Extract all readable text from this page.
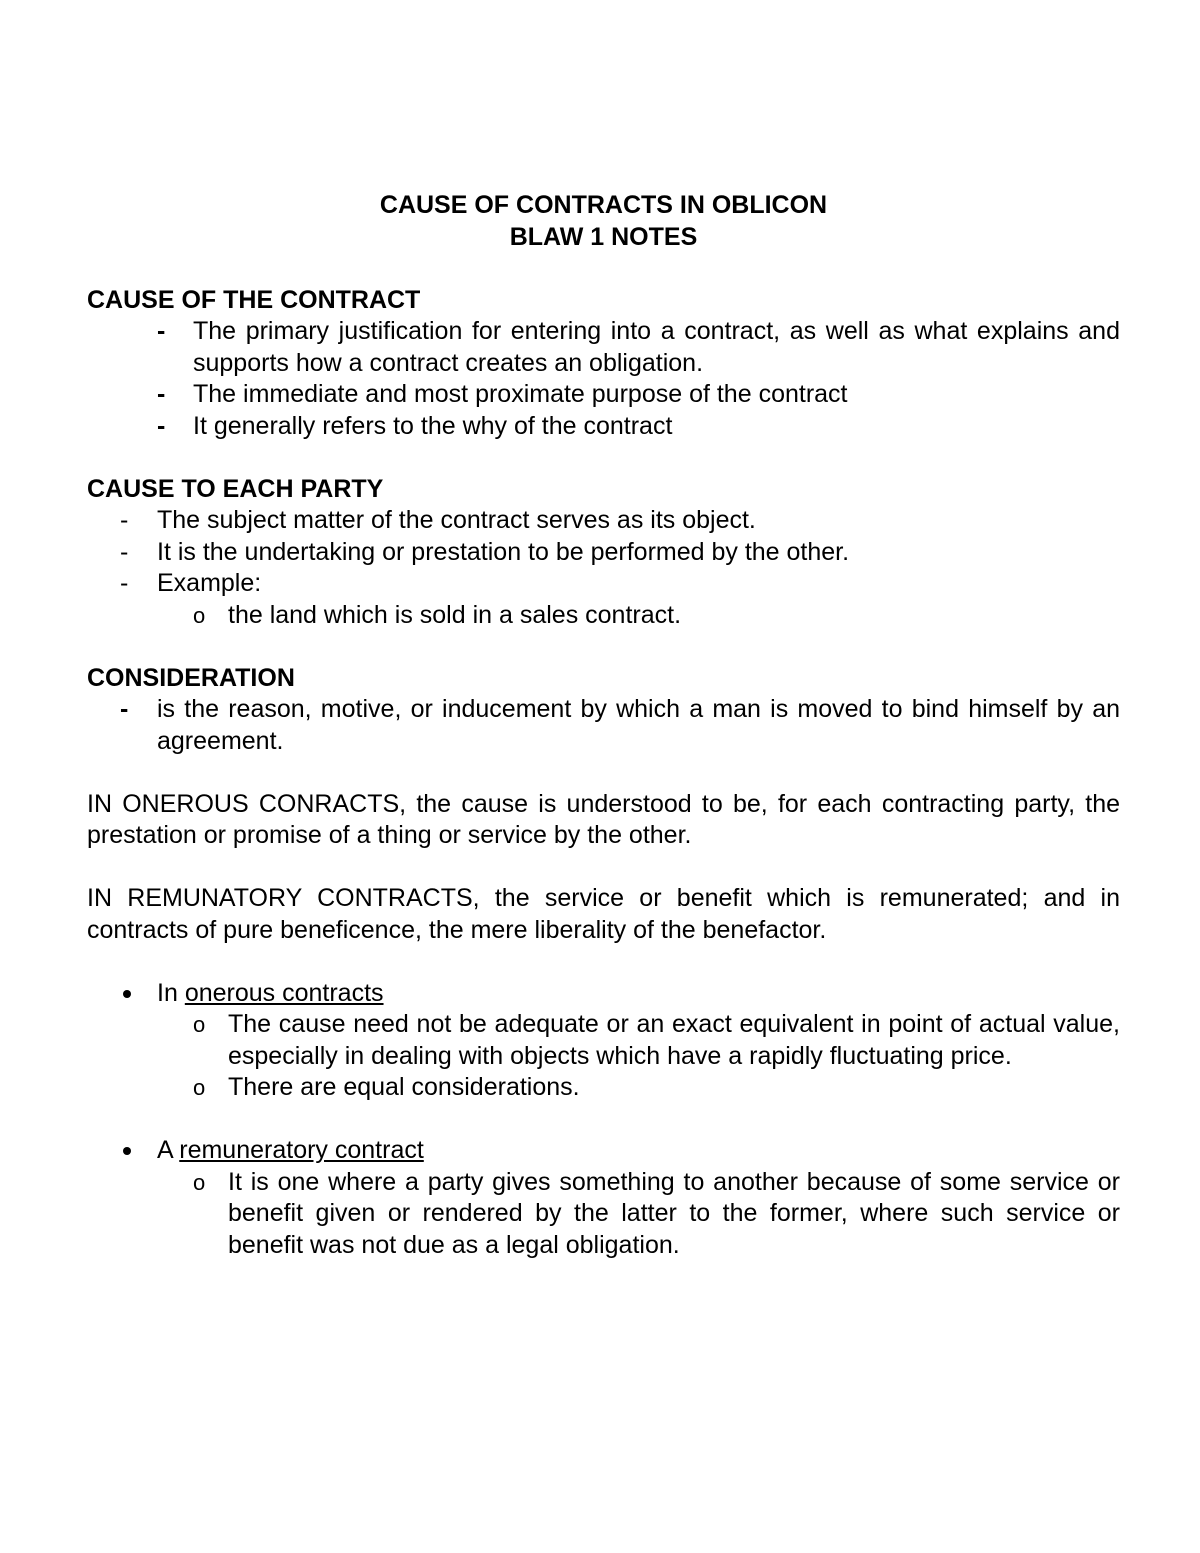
CAUSE OF CONTRACTS IN OBLICON
BLAW 1 NOTES
CAUSE OF THE CONTRACT
- The primary justification for entering into a contract, as well as what explains and supports how a contract creates an obligation.
- The immediate and most proximate purpose of the contract
- It generally refers to the why of the contract
CAUSE TO EACH PARTY
- The subject matter of the contract serves as its object.
- It is the undertaking or prestation to be performed by the other.
- Example:
o the land which is sold in a sales contract.
CONSIDERATION
- is the reason, motive, or inducement by which a man is moved to bind himself by an agreement.
IN ONEROUS CONRACTS, the cause is understood to be, for each contracting party, the prestation or promise of a thing or service by the other.
IN REMUNATORY CONTRACTS, the service or benefit which is remunerated; and in contracts of pure beneficence, the mere liberality of the benefactor.
In onerous contracts
o The cause need not be adequate or an exact equivalent in point of actual value, especially in dealing with objects which have a rapidly fluctuating price.
o There are equal considerations.
A remuneratory contract
o It is one where a party gives something to another because of some service or benefit given or rendered by the latter to the former, where such service or benefit was not due as a legal obligation.
